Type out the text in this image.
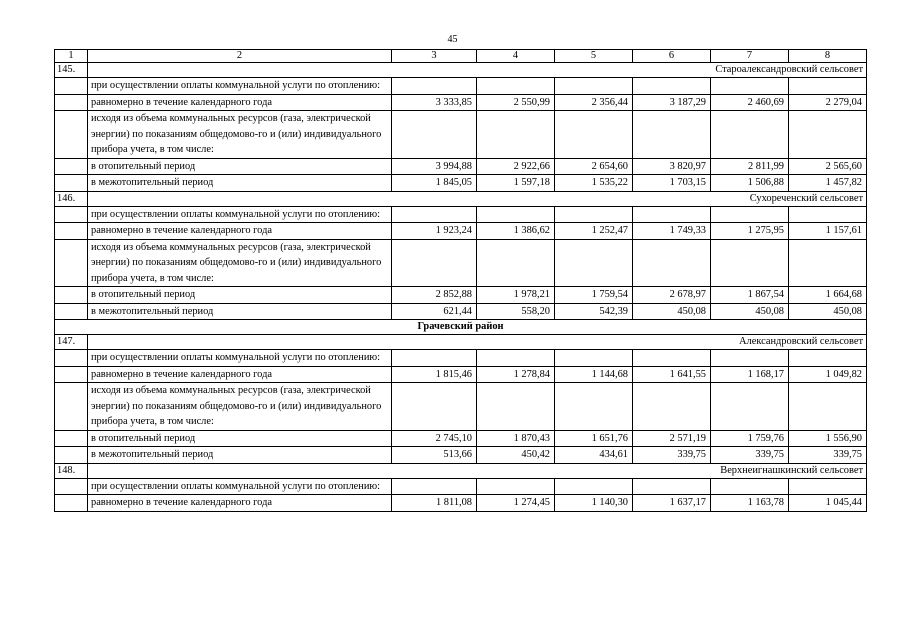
45
1	2	3	4	5	6	7	8
145.	Староалександровский сельсовет						
	при осуществлении оплаты коммунальной услуги по отоплению:						
	равномерно в течение календарного года	3 333,85	2 550,99	2 356,44	3 187,29	2 460,69	2 279,04
	исходя из объема коммунальных ресурсов (газа, электрической энергии) по показаниям общедомово-го и (или) индивидуального прибора учета, в том числе:						
	в отопительный период	3 994,88	2 922,66	2 654,60	3 820,97	2 811,99	2 565,60
	в межотопительный период	1 845,05	1 597,18	1 535,22	1 703,15	1 506,88	1 457,82
146.	Сухореченский сельсовет						
	при осуществлении оплаты коммунальной услуги по отоплению:						
	равномерно в течение календарного года	1 923,24	1 386,62	1 252,47	1 749,33	1 275,95	1 157,61
	исходя из объема коммунальных ресурсов (газа, электрической энергии) по показаниям общедомово-го и (или) индивидуального прибора учета, в том числе:						
	в отопительный период	2 852,88	1 978,21	1 759,54	2 678,97	1 867,54	1 664,68
	в межотопительный период	621,44	558,20	542,39	450,08	450,08	450,08
Грачевский район							
147.	Александровский сельсовет						
	при осуществлении оплаты коммунальной услуги по отоплению:						
	равномерно в течение календарного года	1 815,46	1 278,84	1 144,68	1 641,55	1 168,17	1 049,82
	исходя из объема коммунальных ресурсов (газа, электрической энергии) по показаниям общедомово-го и (или) индивидуального прибора учета, в том числе:						
	в отопительный период	2 745,10	1 870,43	1 651,76	2 571,19	1 759,76	1 556,90
	в межотопительный период	513,66	450,42	434,61	339,75	339,75	339,75
148.	Верхнеигнашкинский сельсовет						
	при осуществлении оплаты коммунальной услуги по отоплению:						
	равномерно в течение календарного года	1 811,08	1 274,45	1 140,30	1 637,17	1 163,78	1 045,44
